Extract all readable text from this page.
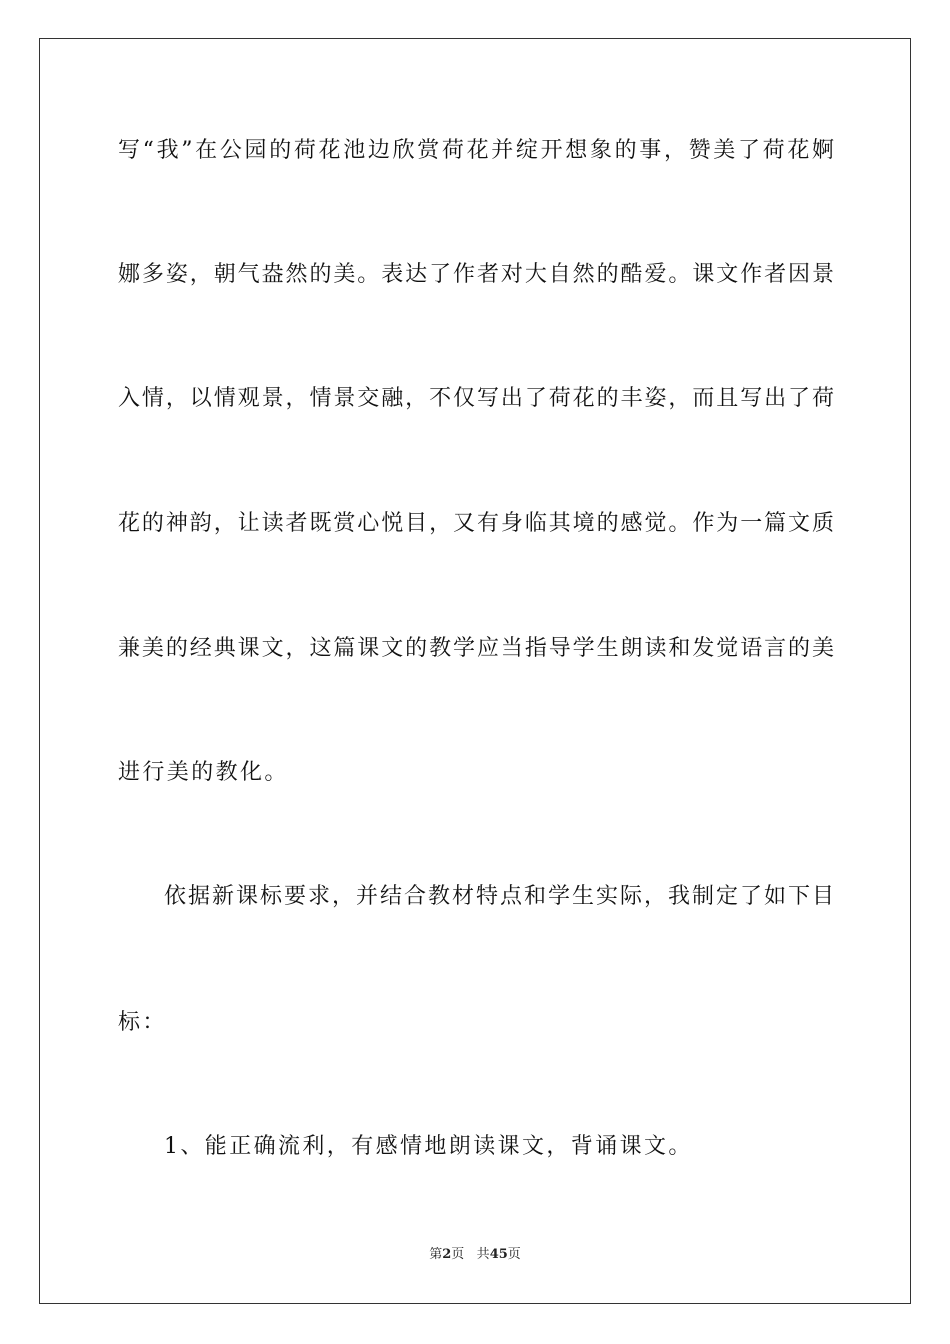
写“我”在公园的荷花池边欣赏荷花并绽开想象的事，赞美了荷花婀
娜多姿，朝气盎然的美。表达了作者对大自然的酷爱。课文作者因景
入情，以情观景，情景交融，不仅写出了荷花的丰姿，而且写出了荷
花的神韵，让读者既赏心悦目，又有身临其境的感觉。作为一篇文质
兼美的经典课文，这篇课文的教学应当指导学生朗读和发觉语言的美
进行美的教化。
依据新课标要求，并结合教材特点和学生实际，我制定了如下目
标：
1、能正确流利，有感情地朗读课文，背诵课文。
第2页 共45页
